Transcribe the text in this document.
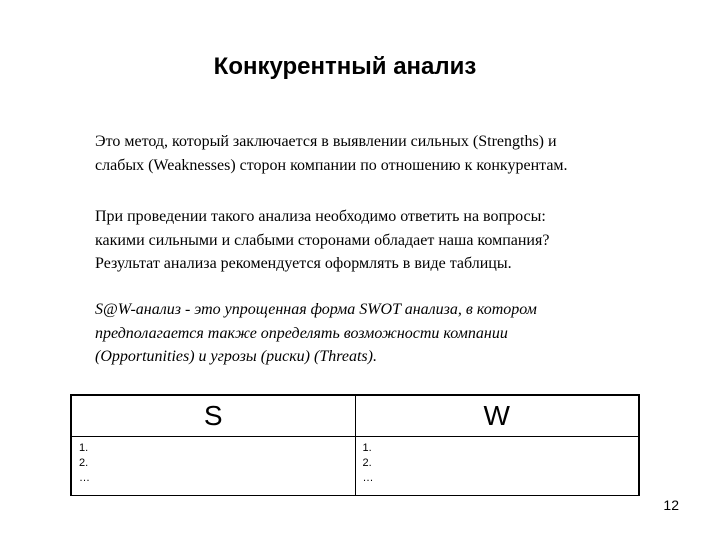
Конкурентный анализ

Это метод, который заключается в выявлении сильных (Strengths) и
слабых (Weaknesses) сторон компании по отношению к конкурентам.

При проведении такого анализа необходимо ответить на вопросы:
какими сильными и слабыми сторонами обладает наша компания?
Результат анализа рекомендуется оформлять в виде таблицы.

S@W-анализ - это упрощенная форма SWOT анализа, в котором
предполагается также определять возможности компании
(Opportunities) и угрозы (риски) (Threats).

S	W

1.
2.
…	1.
2.
…
12
